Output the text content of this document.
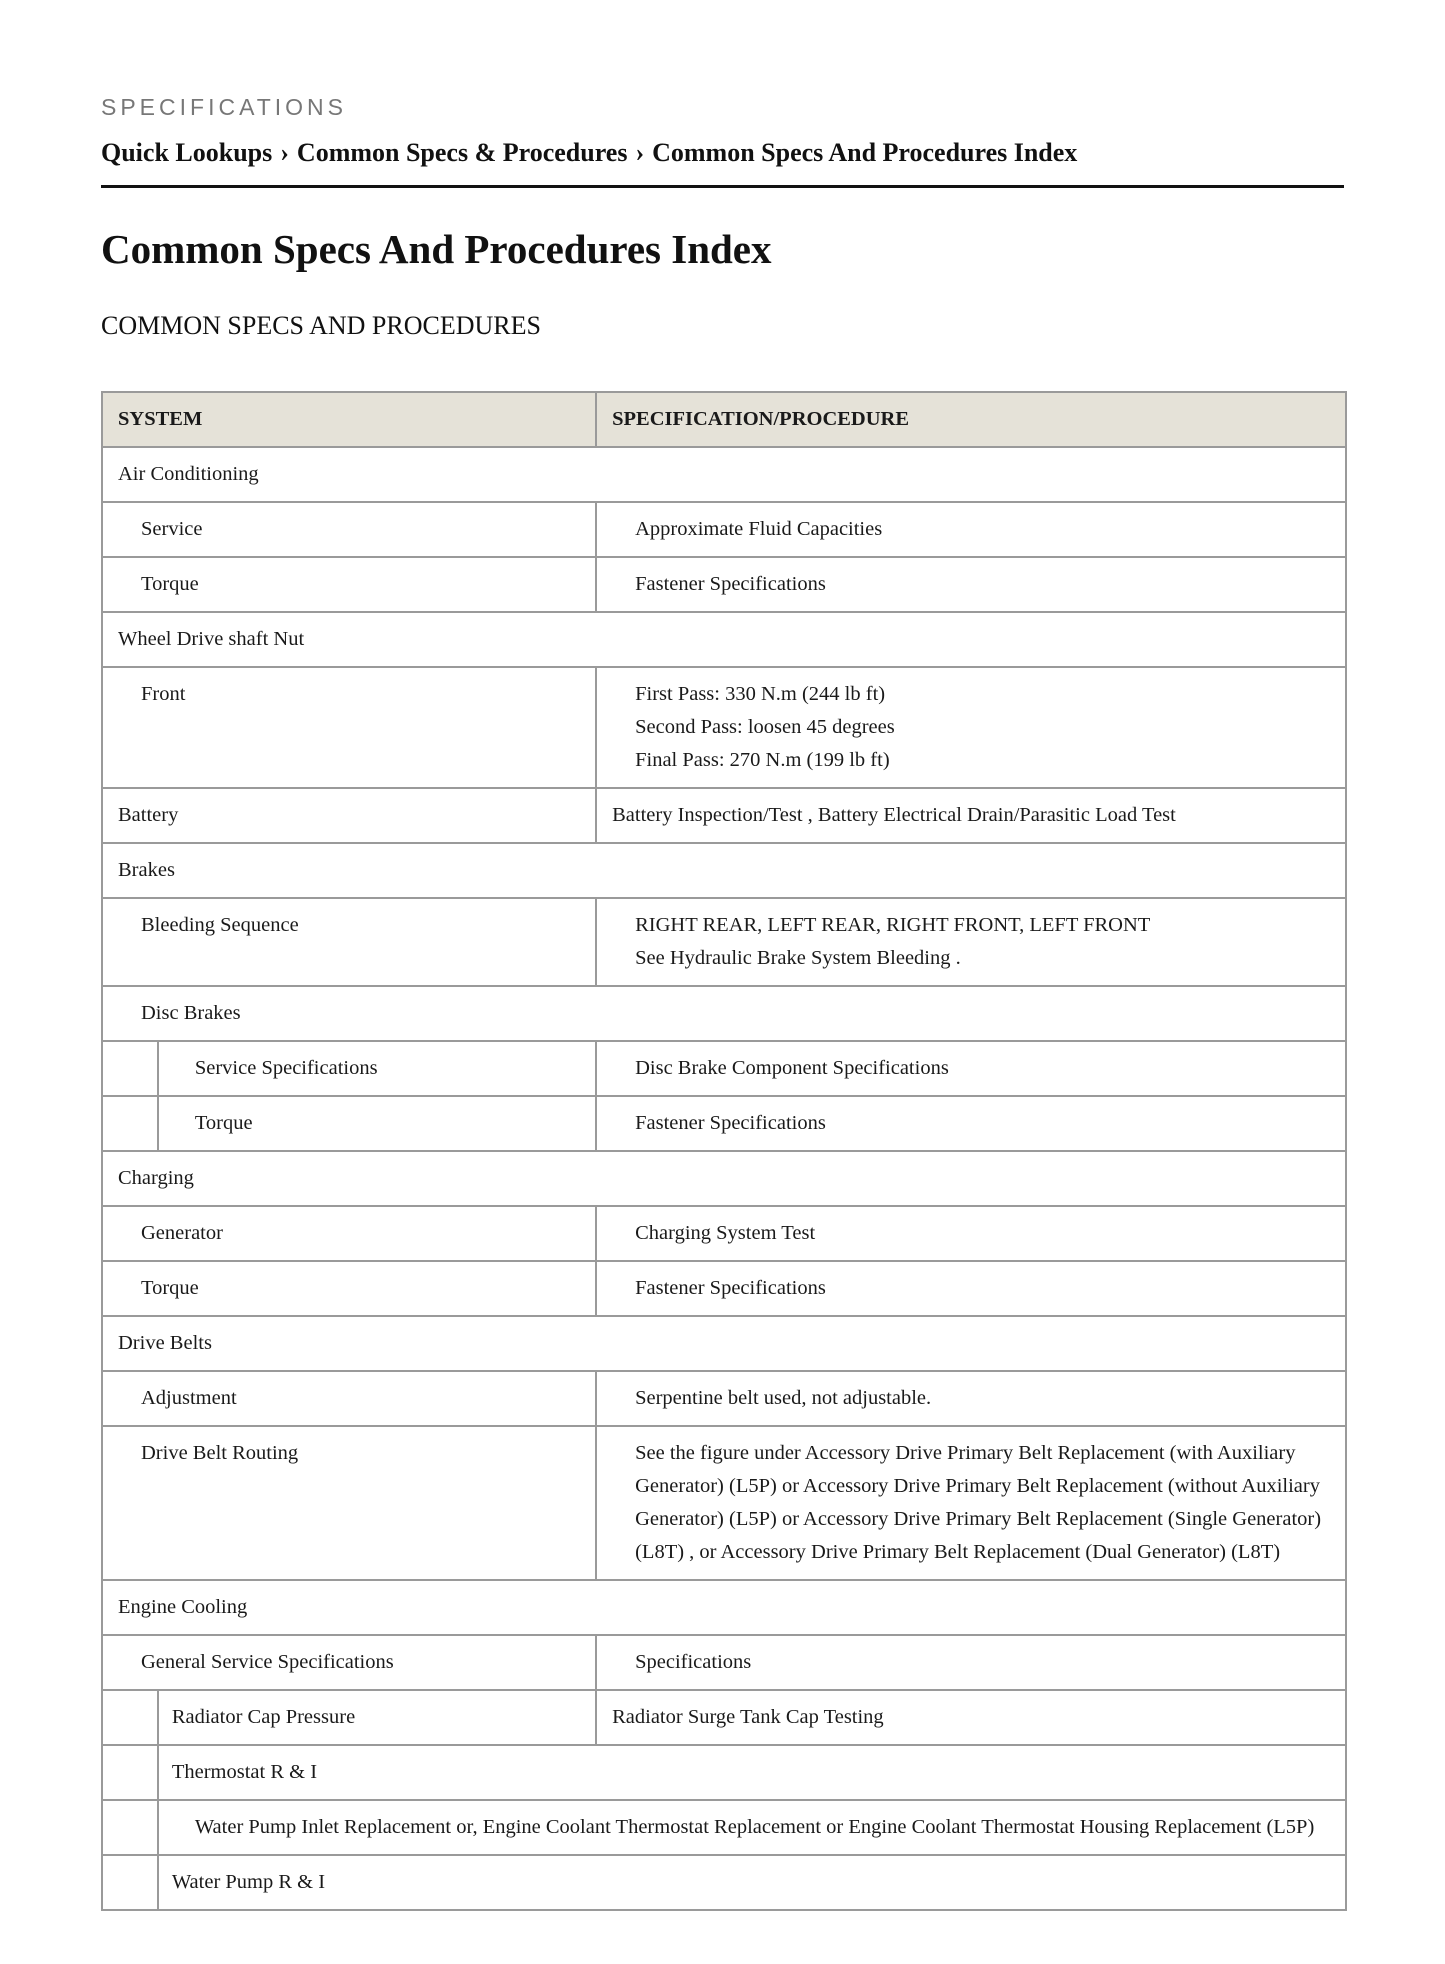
SPECIFICATIONS
Quick Lookups › Common Specs & Procedures › Common Specs And Procedures Index
Common Specs And Procedures Index
COMMON SPECS AND PROCEDURES
SYSTEM		SPECIFICATION/PROCEDURE

Air Conditioning		

Service		Approximate Fluid Capacities

Torque		Fastener Specifications

Wheel Drive shaft Nut		

Front		First Pass: 330 N.m (244 lb ft)
Second Pass: loosen 45 degrees
Final Pass: 270 N.m (199 lb ft)

Battery		Battery Inspection/Test , Battery Electrical Drain/Parasitic Load Test

Brakes		

Bleeding Sequence		RIGHT REAR, LEFT REAR, RIGHT FRONT, LEFT FRONT
See Hydraulic Brake System Bleeding .

Disc Brakes		

	Service Specifications	Disc Brake Component Specifications

	Torque	Fastener Specifications

Charging		

Generator		Charging System Test

Torque		Fastener Specifications

Drive Belts		

Adjustment		Serpentine belt used, not adjustable.

Drive Belt Routing		See the figure under Accessory Drive Primary Belt Replacement (with Auxiliary Generator) (L5P) or Accessory Drive Primary Belt Replacement (without Auxiliary Generator) (L5P) or Accessory Drive Primary Belt Replacement (Single Generator) (L8T) , or Accessory Drive Primary Belt Replacement (Dual Generator) (L8T)

Engine Cooling		

General Service Specifications		Specifications

	Radiator Cap Pressure	Radiator Surge Tank Cap Testing

	Thermostat R & I	

	Water Pump Inlet Replacement or, Engine Coolant Thermostat Replacement or Engine Coolant Thermostat Housing Replacement (L5P)	

	Water Pump R & I	
